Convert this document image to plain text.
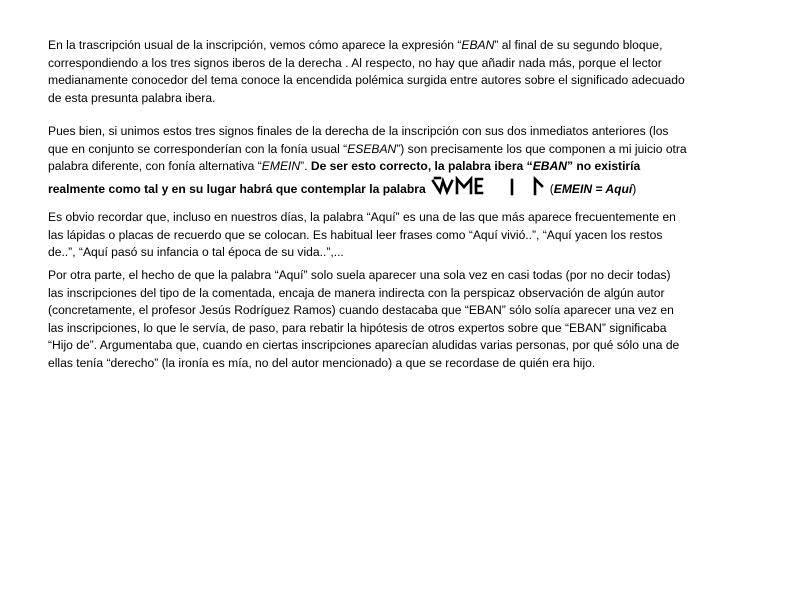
En la trascripción usual de la inscripción, vemos cómo aparece la expresión “EBAN” al final de su segundo bloque,
correspondiendo a los tres signos iberos de la derecha . Al respecto, no hay que añadir nada más, porque el lector
medianamente conocedor del tema conoce la encendida polémica surgida entre autores sobre el significado adecuado
de esta presunta palabra ibera.
Pues bien, si unimos estos tres signos finales de la derecha de la inscripción con sus dos inmediatos anteriores (los
que en conjunto se corresponderían con la fonía usual “ESEBAN”) son precisamente los que componen a mi juicio otra
palabra diferente, con fonía alternativa “EMEIN”. De ser esto correcto, la palabra ibera “EBAN” no existiría
realmente como tal y en su lugar habrá que contemplar la palabra	(EMEIN = Aquí)
Es obvio recordar que, incluso en nuestros días, la palabra “Aquí” es una de las que más aparece frecuentemente en
las lápidas o placas de recuerdo que se colocan. Es habitual leer frases como “Aquí vivió..”, “Aquí yacen los restos
de..”, “Aquí pasó su infancia o tal época de su vida..”,...
Por otra parte, el hecho de que la palabra “Aquí” solo suela aparecer una sola vez en casi todas (por no decir todas)
las inscripciones del tipo de la comentada, encaja de manera indirecta con la perspicaz observación de algún autor
(concretamente, el profesor Jesús Rodríguez Ramos) cuando destacaba que “EBAN” sólo solía aparecer una vez en
las inscripciones, lo que le servía, de paso, para rebatir la hipótesis de otros expertos sobre que “EBAN” significaba
“Hijo de”. Argumentaba que, cuando en ciertas inscripciones aparecían aludidas varias personas, por qué sólo una de
ellas tenía “derecho” (la ironía es mía, no del autor mencionado) a que se recordase de quién era hijo.
